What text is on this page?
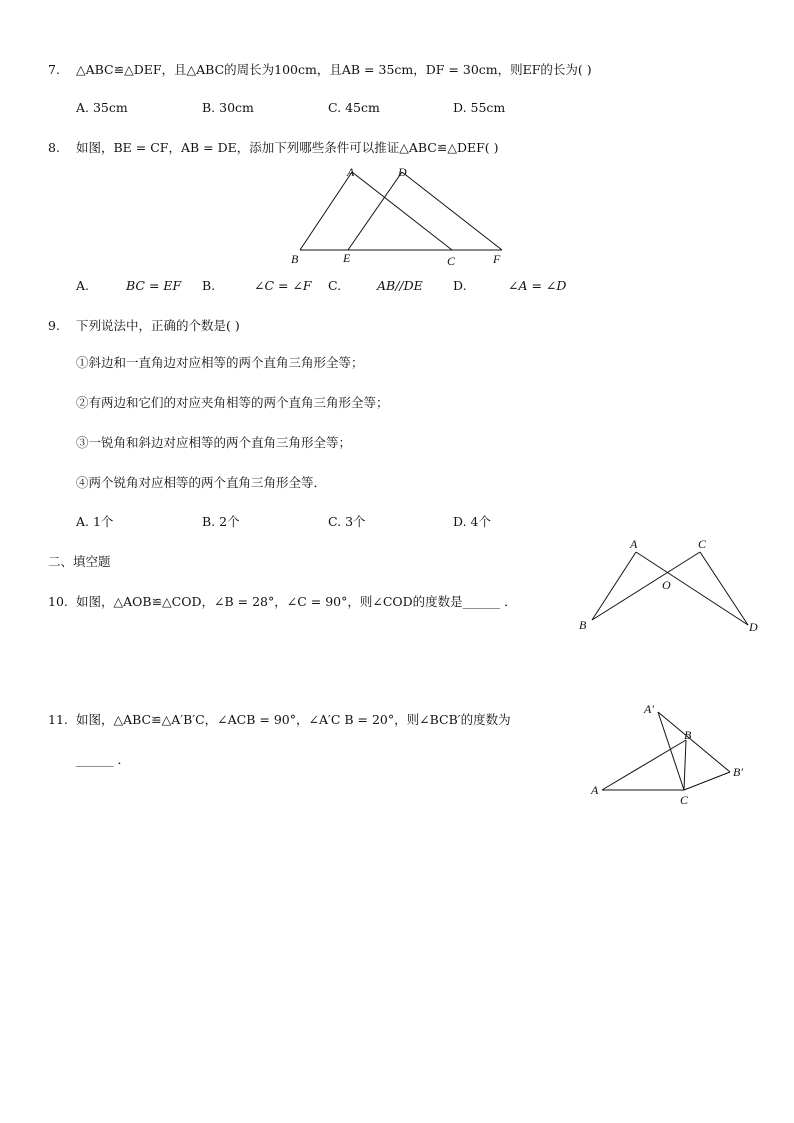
7. △ABC≌△DEF，且△ABC的周长为100cm，且AB = 35cm，DF = 30cm，则EF的长为( )
A. 35cm	B. 30cm	C. 45cm	D. 55cm
8. 如图，BE = CF，AB = DE，添加下列哪些条件可以推证△ABC≌△DEF( )
A.	BC = EF B.	∠C = ∠F C.	AB//DE D.	∠A = ∠D
9. 下列说法中，正确的个数是( )
①斜边和一直角边对应相等的两个直角三角形全等；
②有两边和它们的对应夹角相等的两个直角三角形全等；
③一锐角和斜边对应相等的两个直角三角形全等；
④两个锐角对应相等的两个直角三角形全等．
A. 1个	B. 2个	C. 3个	D. 4个
二、填空题
10. 如图，△AOB≌△COD，∠B = 28°，∠C = 90°，则∠COD的度数是______ ．
11. 如图，△ABC≌△A′B′C，∠ACB = 90°，∠A′C B = 20°，则∠BCB′的度数为
______ ．
A	D
B	E	C	F
A	C
O
B	D
A′
B
B′
C
A
